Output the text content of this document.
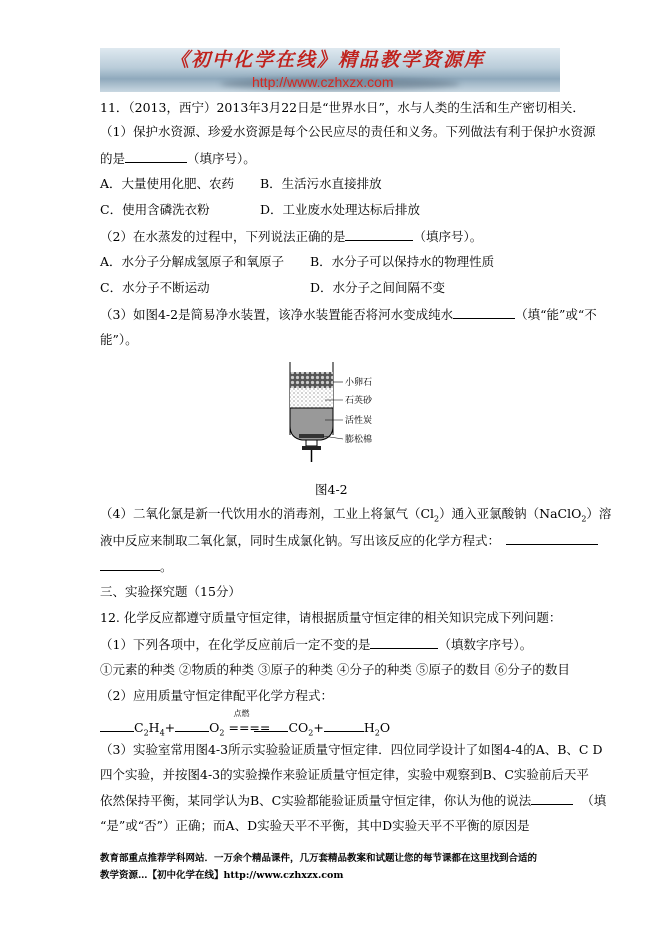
《初中化学在线》精品教学资源库
http://www.czhxzx.com
11．（2013，西宁）2013年3月22日是“世界水日”，水与人类的生活和生产密切相关．
（1）保护水资源、珍爱水资源是每个公民应尽的责任和义务。下列做法有利于保护水资源
的是	（填序号）。
A．大量使用化肥、农药 B．生活污水直接排放
C．使用含磷洗衣粉	D．工业废水处理达标后排放
（2）在水蒸发的过程中，下列说法正确的是	（填序号）。
A．水分子分解成氢原子和氧原子 B．水分子可以保持水的物理性质
C．水分子不断运动	D．水分子之间间隔不变
（3）如图4-2是简易净水装置，该净水装置能否将河水变成纯水	（填“能”或“不
能”）。
小卵石
石英砂
活性炭
膨松棉
图4-2
（4）二氧化氯是新一代饮用水的消毒剂，工业上将氯气$(Cl_2)$通入亚氯酸钠（NaClO$_2$）溶
液中反应来制取二氧化氯，同时生成氯化钠。写出该反应的化学方程式：
。
三、实验探究题（15分）
12. 化学反应都遵守质量守恒定律，请根据质量守恒定律的相关知识完成下列问题：
（1）下列各项中，在化学反应前后一定不变的是	（填数字序号）。
①元素的种类 ②物质的种类 ③原子的种类 ④分子的种类 ⑤原子的数目 ⑥分子的数目
（2）应用质量守恒定律配平化学方程式：
$C_2H_4+$	$O_2$
点燃
==== $CO_2+$	$H_2O$
（3）实验室常用图4-3所示实验验证质量守恒定律．四位同学设计了如图4-4的A、B、C D
四个实验，并按图4-3的实验操作来验证质量守恒定律，实验中观察到B、C实验前后天平
依然保持平衡，某同学认为B、C实验都能验证质量守恒定律，你认为他的说法	（填
“是”或“否”）正确；而A、D实验天平不平衡，其中D实验天平不平衡的原因是
教育部重点推荐学科网站．一万余个精品课件，几万套精品教案和试题让您的每节课都在这里找到合适的
教学资源…【初中化学在线】http://www.czhxzx.com
